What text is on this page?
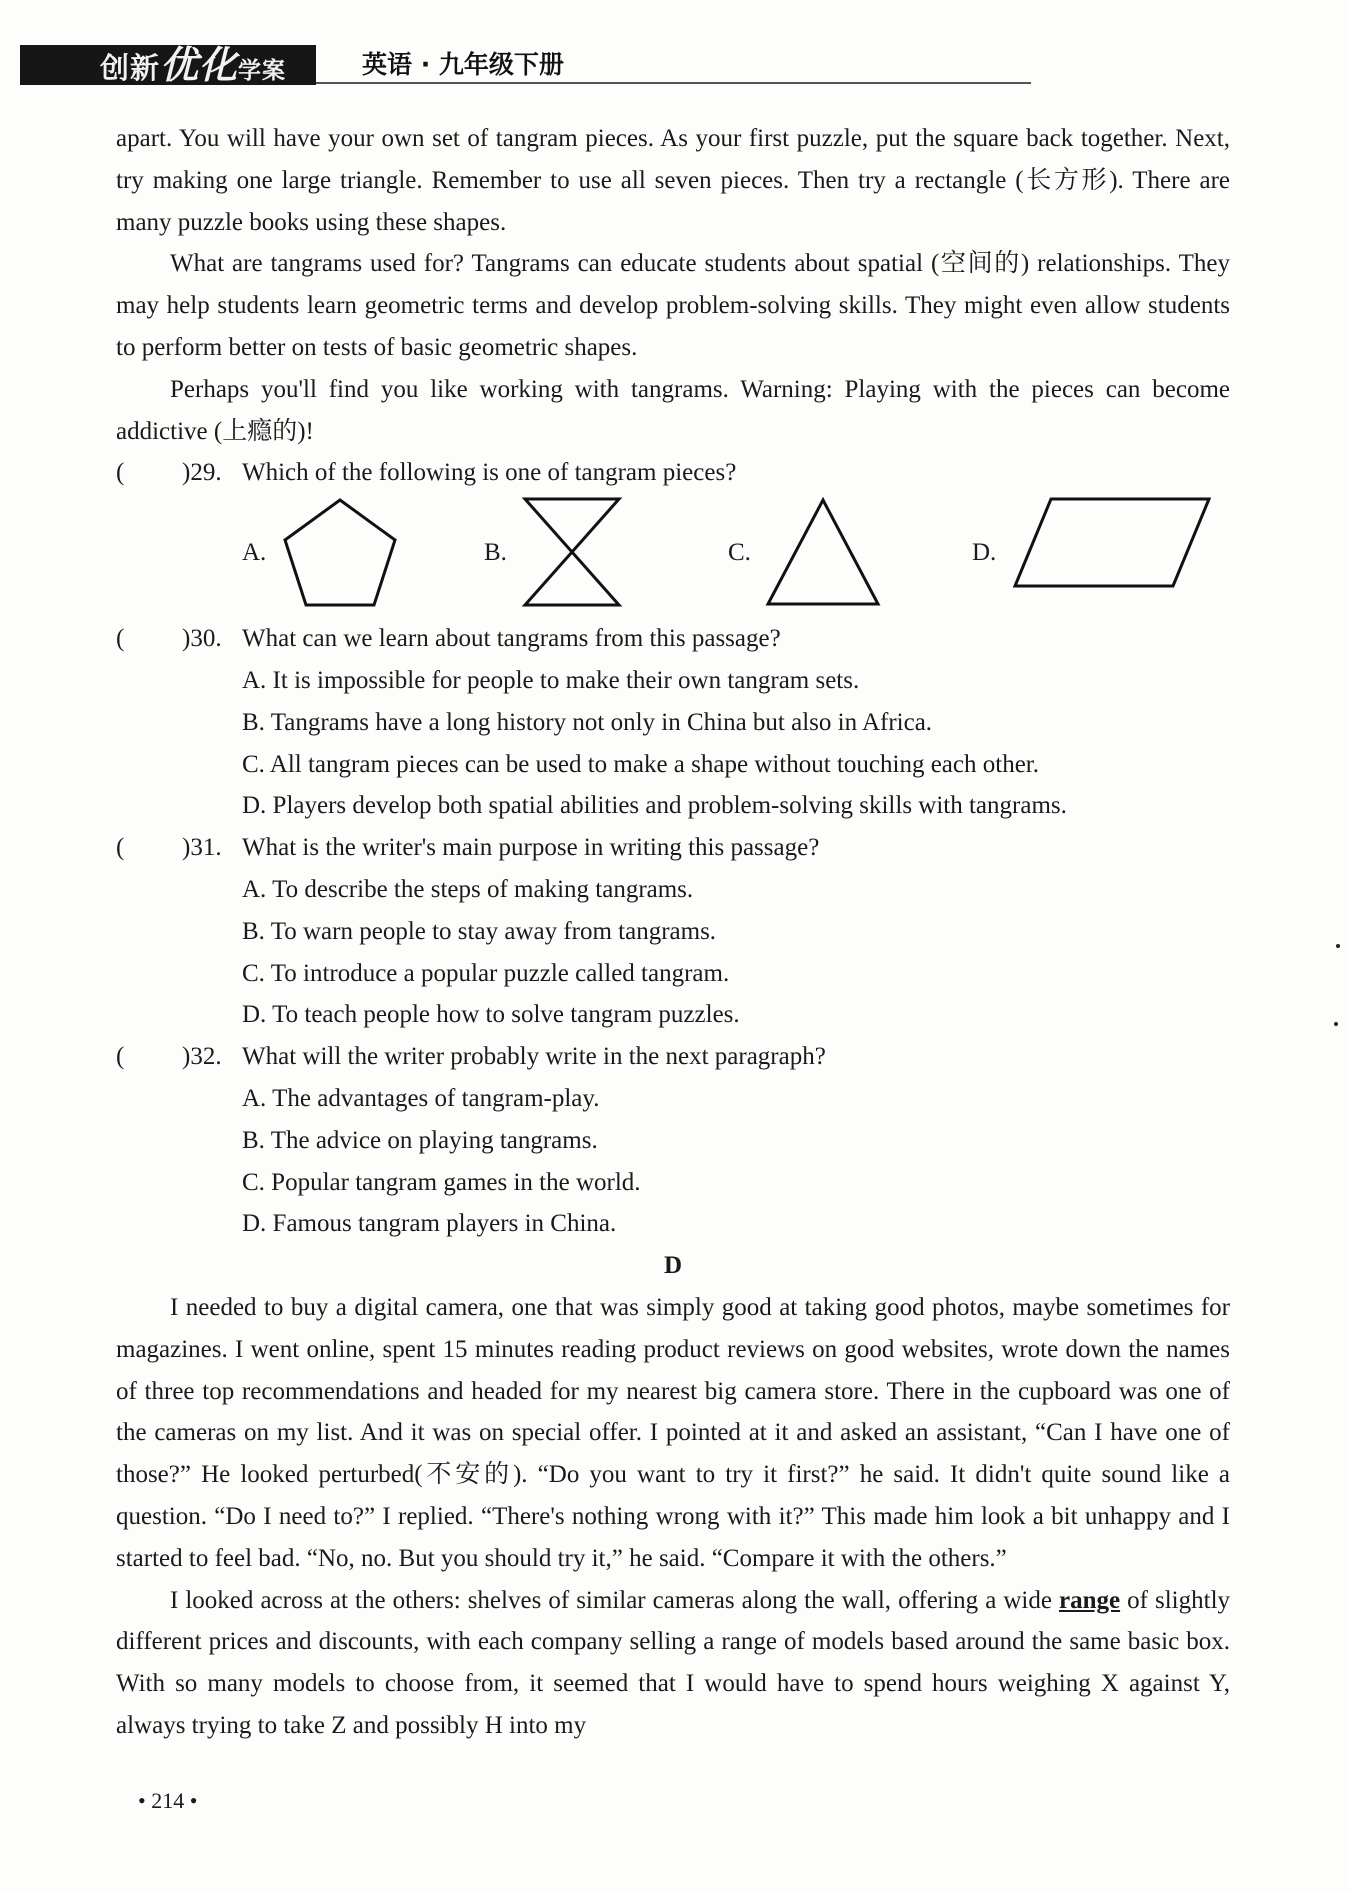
创新优化学案	英语 · 九年级下册

apart. You will have your own set of tangram pieces. As your first puzzle, put the square back together. Next, try making one large triangle. Remember to use all seven pieces. Then try a rectangle (长方形). There are many puzzle books using these shapes.

What are tangrams used for? Tangrams can educate students about spatial (空间的) relationships. They may help students learn geometric terms and develop problem-solving skills. They might even allow students to perform better on tests of basic geometric shapes.

Perhaps you'll find you like working with tangrams. Warning: Playing with the pieces can become addictive (上瘾的)!

( )29. Which of the following is one of tangram pieces?
A.	B.	C.	D.
( )30. What can we learn about tangrams from this passage?

A. It is impossible for people to make their own tangram sets.

B. Tangrams have a long history not only in China but also in Africa.

C. All tangram pieces can be used to make a shape without touching each other.

D. Players develop both spatial abilities and problem-solving skills with tangrams.

( )31. What is the writer's main purpose in writing this passage?

A. To describe the steps of making tangrams.

B. To warn people to stay away from tangrams.

C. To introduce a popular puzzle called tangram.

D. To teach people how to solve tangram puzzles.

( )32. What will the writer probably write in the next paragraph?

A. The advantages of tangram-play.

B. The advice on playing tangrams.

C. Popular tangram games in the world.

D. Famous tangram players in China.

D

I needed to buy a digital camera, one that was simply good at taking good photos, maybe sometimes for magazines. I went online, spent 15 minutes reading product reviews on good websites, wrote down the names of three top recommendations and headed for my nearest big camera store. There in the cupboard was one of the cameras on my list. And it was on special offer. I pointed at it and asked an assistant, “Can I have one of those?” He looked perturbed(不安的). “Do you want to try it first?” he said. It didn't quite sound like a question. “Do I need to?” I replied. “There's nothing wrong with it?” This made him look a bit unhappy and I started to feel bad. “No, no. But you should try it,” he said. “Compare it with the others.”

I looked across at the others: shelves of similar cameras along the wall, offering a wide range of slightly different prices and discounts, with each company selling a range of models based around the same basic box. With so many models to choose from, it seemed that I would have to spend hours weighing X against Y, always trying to take Z and possibly H into my

• 214 •
